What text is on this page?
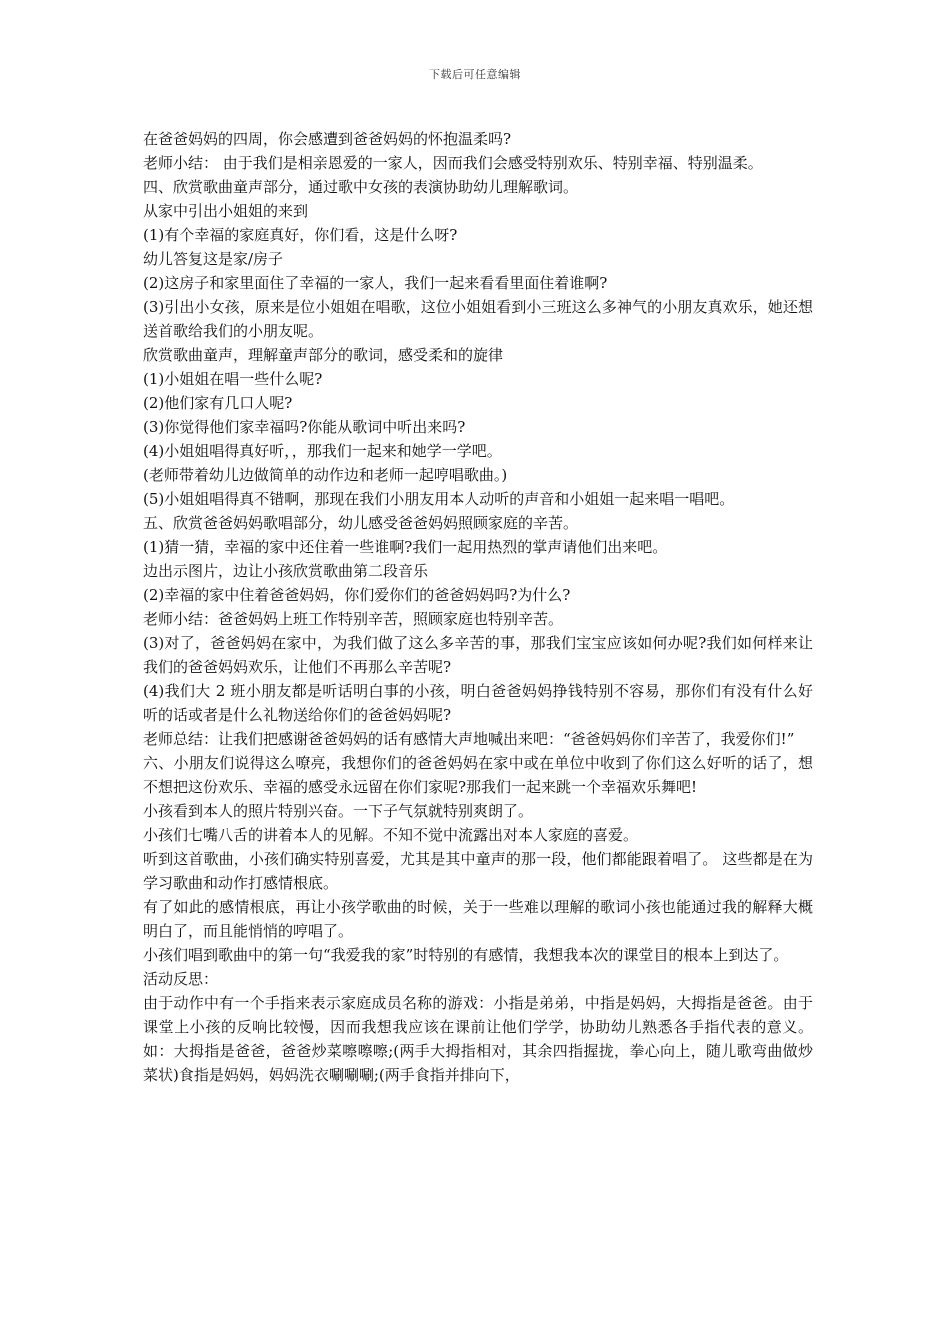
下载后可任意编辑

在爸爸妈妈的四周，你会感遭到爸爸妈妈的怀抱温柔吗?

老师小结： 由于我们是相亲恩爱的一家人，因而我们会感受特别欢乐、特别幸福、特别温柔。

四、欣赏歌曲童声部分，通过歌中女孩的表演协助幼儿理解歌词。

从家中引出小姐姐的来到

(1)有个幸福的家庭真好，你们看，这是什么呀?

幼儿答复这是家/房子

(2)这房子和家里面住了幸福的一家人，我们一起来看看里面住着谁啊?

(3)引出小女孩，原来是位小姐姐在唱歌，这位小姐姐看到小三班这么多神气的小朋友真欢乐，她还想送首歌给我们的小朋友呢。

欣赏歌曲童声，理解童声部分的歌词，感受柔和的旋律

(1)小姐姐在唱一些什么呢?

(2)他们家有几口人呢?

(3)你觉得他们家幸福吗?你能从歌词中听出来吗?

(4)小姐姐唱得真好听，，那我们一起来和她学一学吧。

(老师带着幼儿边做简单的动作边和老师一起哼唱歌曲。)

(5)小姐姐唱得真不错啊，那现在我们小朋友用本人动听的声音和小姐姐一起来唱一唱吧。

五、欣赏爸爸妈妈歌唱部分，幼儿感受爸爸妈妈照顾家庭的辛苦。

(1)猜一猜，幸福的家中还住着一些谁啊?我们一起用热烈的掌声请他们出来吧。

边出示图片，边让小孩欣赏歌曲第二段音乐

(2)幸福的家中住着爸爸妈妈，你们爱你们的爸爸妈妈吗?为什么?

老师小结：爸爸妈妈上班工作特别辛苦，照顾家庭也特别辛苦。

(3)对了，爸爸妈妈在家中，为我们做了这么多辛苦的事，那我们宝宝应该如何办呢?我们如何样来让我们的爸爸妈妈欢乐，让他们不再那么辛苦呢?

(4)我们大 2 班小朋友都是听话明白事的小孩，明白爸爸妈妈挣钱特别不容易，那你们有没有什么好听的话或者是什么礼物送给你们的爸爸妈妈呢?

老师总结：让我们把感谢爸爸妈妈的话有感情大声地喊出来吧：“爸爸妈妈你们辛苦了，我爱你们!”

六、小朋友们说得这么嘹亮，我想你们的爸爸妈妈在家中或在单位中收到了你们这么好听的话了，想不想把这份欢乐、幸福的感受永远留在你们家呢?那我们一起来跳一个幸福欢乐舞吧!

小孩看到本人的照片特别兴奋。一下子气氛就特别爽朗了。

小孩们七嘴八舌的讲着本人的见解。不知不觉中流露出对本人家庭的喜爱。

听到这首歌曲，小孩们确实特别喜爱，尤其是其中童声的那一段，他们都能跟着唱了。 这些都是在为学习歌曲和动作打感情根底。

有了如此的感情根底，再让小孩学歌曲的时候，关于一些难以理解的歌词小孩也能通过我的解释大概明白了，而且能悄悄的哼唱了。

小孩们唱到歌曲中的第一句“我爱我的家”时特别的有感情，我想我本次的课堂目的根本上到达了。

活动反思：

由于动作中有一个手指来表示家庭成员名称的游戏：小指是弟弟，中指是妈妈，大拇指是爸爸。由于课堂上小孩的反响比较慢，因而我想我应该在课前让他们学学，协助幼儿熟悉各手指代表的意义。如：大拇指是爸爸，爸爸炒菜嚓嚓嚓;(两手大拇指相对，其余四指握拢，拳心向上，随儿歌弯曲做炒菜状)食指是妈妈，妈妈洗衣唰唰唰;(两手食指并排向下，
